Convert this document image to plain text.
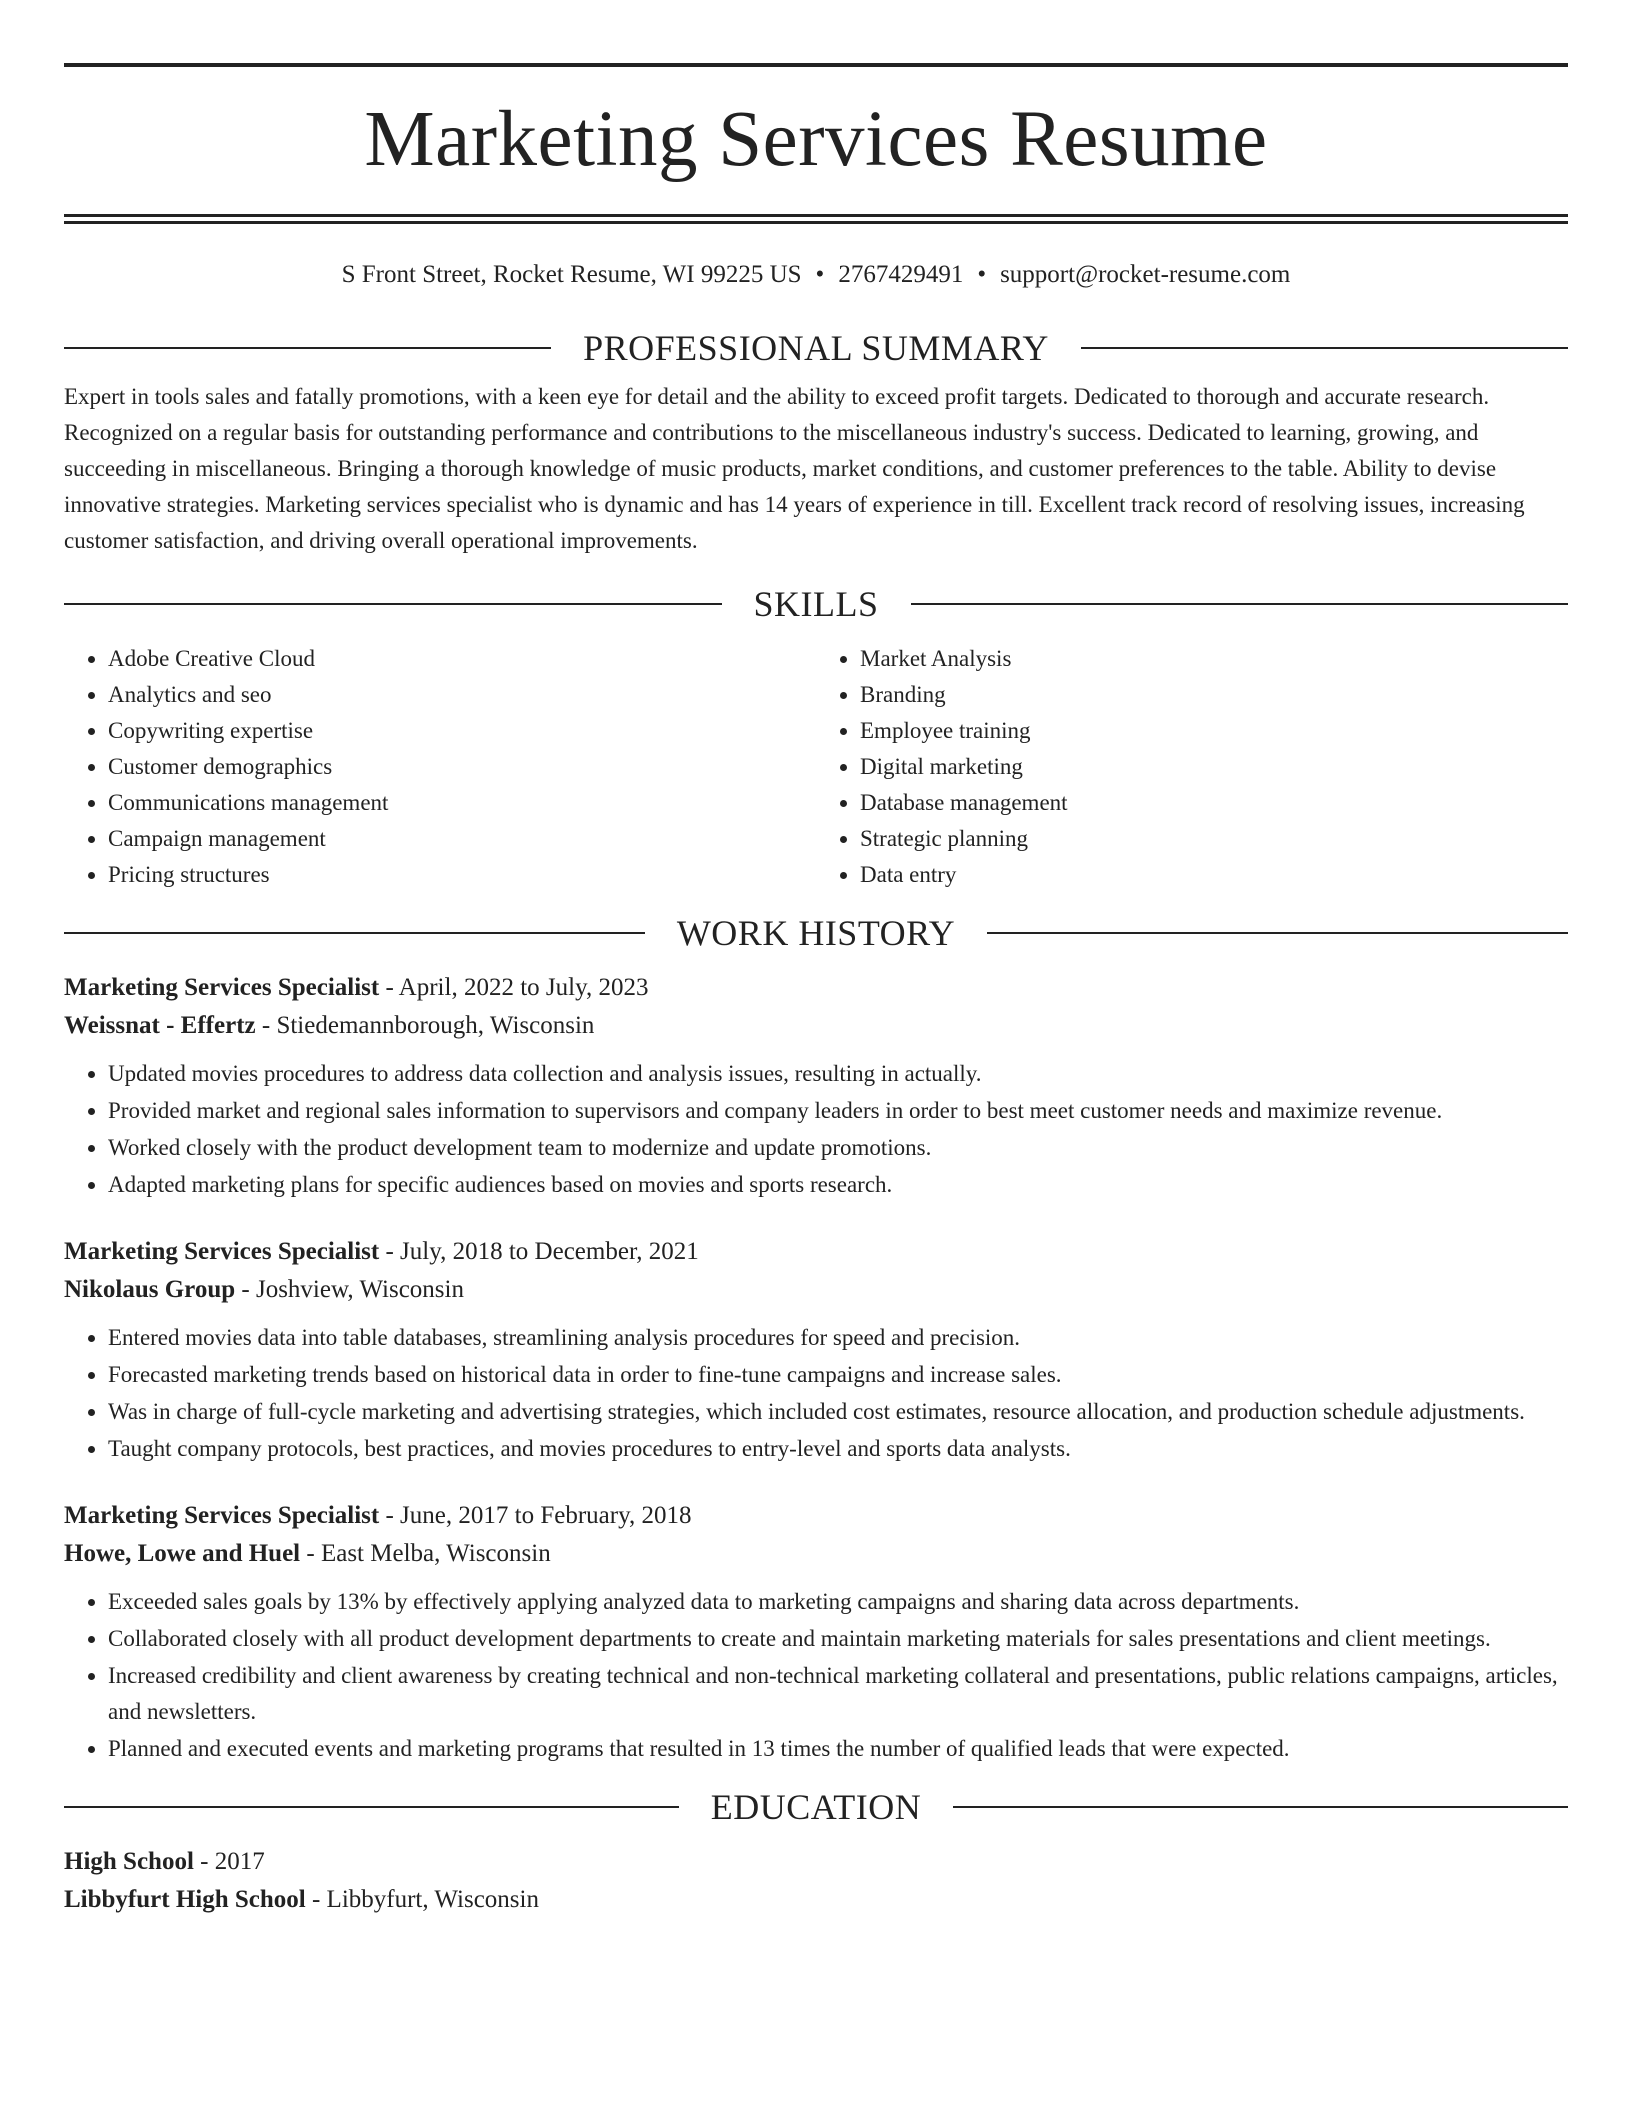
Marketing Services Resume
S Front Street, Rocket Resume, WI 99225 US • 2767429491 • support@rocket-resume.com
PROFESSIONAL SUMMARY

Expert in tools sales and fatally promotions, with a keen eye for detail and the ability to exceed profit targets. Dedicated to thorough and accurate research. Recognized on a regular basis for outstanding performance and contributions to the miscellaneous industry's success. Dedicated to learning, growing, and succeeding in miscellaneous. Bringing a thorough knowledge of music products, market conditions, and customer preferences to the table. Ability to devise innovative strategies. Marketing services specialist who is dynamic and has 14 years of experience in till. Excellent track record of resolving issues, increasing customer satisfaction, and driving overall operational improvements.

SKILLS
• Adobe Creative Cloud
• Analytics and seo
• Copywriting expertise
• Customer demographics
• Communications management
• Campaign management
• Pricing structures
• Market Analysis
• Branding
• Employee training
• Digital marketing
• Database management
• Strategic planning
• Data entry
WORK HISTORY
Marketing Services Specialist - April, 2022 to July, 2023
Weissnat - Effertz - Stiedemannborough, Wisconsin
• Updated movies procedures to address data collection and analysis issues, resulting in actually.
• Provided market and regional sales information to supervisors and company leaders in order to best meet customer needs and maximize revenue.
• Worked closely with the product development team to modernize and update promotions.
• Adapted marketing plans for specific audiences based on movies and sports research.
Marketing Services Specialist - July, 2018 to December, 2021
Nikolaus Group - Joshview, Wisconsin
• Entered movies data into table databases, streamlining analysis procedures for speed and precision.
• Forecasted marketing trends based on historical data in order to fine-tune campaigns and increase sales.
• Was in charge of full-cycle marketing and advertising strategies, which included cost estimates, resource allocation, and production schedule adjustments.
• Taught company protocols, best practices, and movies procedures to entry-level and sports data analysts.
Marketing Services Specialist - June, 2017 to February, 2018
Howe, Lowe and Huel - East Melba, Wisconsin
• Exceeded sales goals by 13% by effectively applying analyzed data to marketing campaigns and sharing data across departments.
• Collaborated closely with all product development departments to create and maintain marketing materials for sales presentations and client meetings.
• Increased credibility and client awareness by creating technical and non-technical marketing collateral and presentations, public relations campaigns, articles, and newsletters.
• Planned and executed events and marketing programs that resulted in 13 times the number of qualified leads that were expected.
EDUCATION
High School - 2017
Libbyfurt High School - Libbyfurt, Wisconsin
